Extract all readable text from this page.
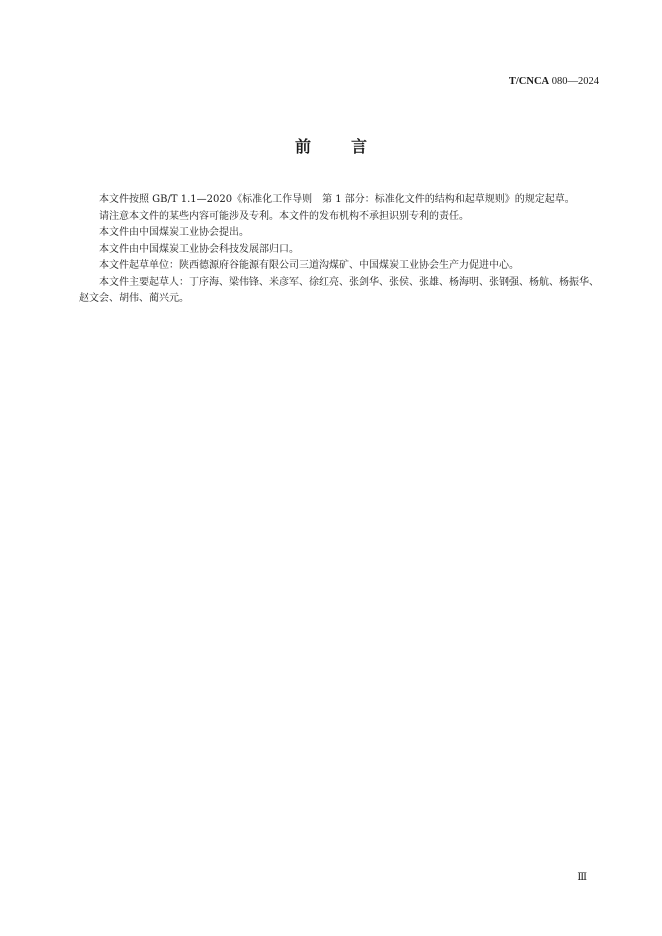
T/CNCA 080—2024
前言

本文件按照 GB/T 1.1—2020《标准化工作导则　第 1 部分：标准化文件的结构和起草规则》的规定起草。

请注意本文件的某些内容可能涉及专利。本文件的发布机构不承担识别专利的责任。

本文件由中国煤炭工业协会提出。

本文件由中国煤炭工业协会科技发展部归口。

本文件起草单位：陕西德源府谷能源有限公司三道沟煤矿、中国煤炭工业协会生产力促进中心。

本文件主要起草人：丁序海、梁伟锋、米彦军、徐红亮、张剑华、张侯、张雄、杨海明、张钢强、杨航、杨振华、赵文会、胡伟、蔺兴元。

Ⅲ
